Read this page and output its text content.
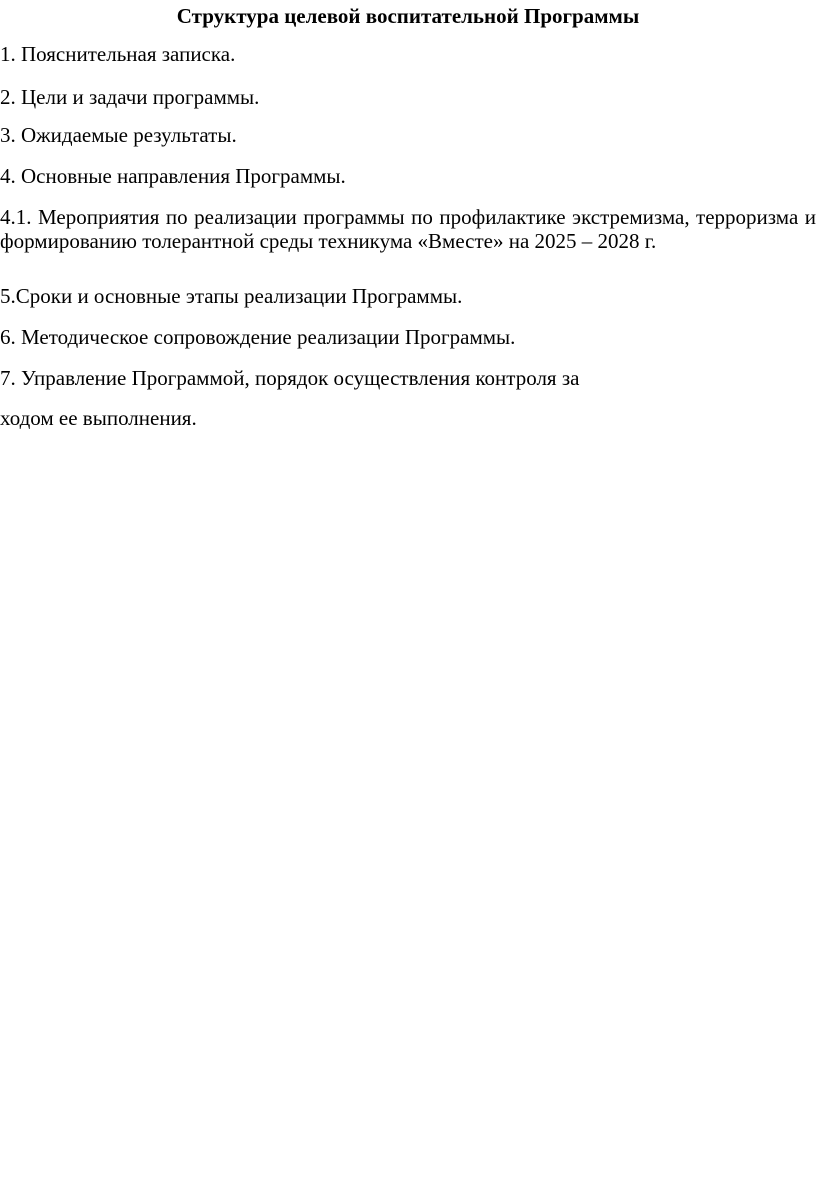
Структура целевой воспитательной Программы

1. Пояснительная записка.

2. Цели и задачи программы.

3. Ожидаемые результаты.

4. Основные направления Программы.

4.1. Мероприятия по реализации программы по профилактике экстремизма, терроризма и формированию толерантной среды техникума «Вместе» на 2025 – 2028 г.

5.Сроки и основные этапы реализации Программы.

6. Методическое сопровождение реализации Программы.

7. Управление Программой, порядок осуществления контроля за

ходом ее выполнения.
